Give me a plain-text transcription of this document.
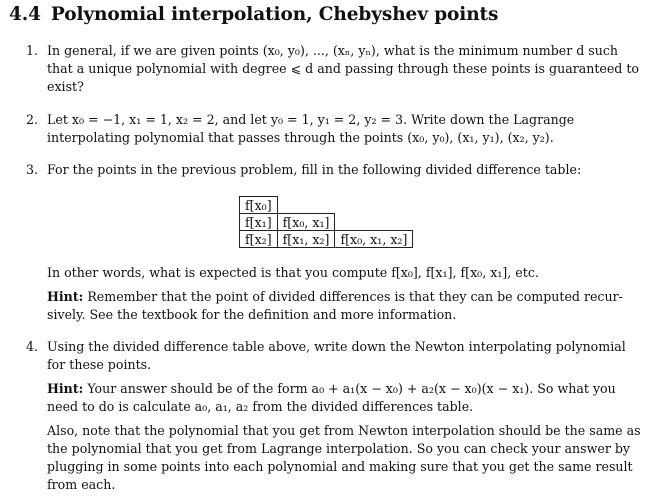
4.4 Polynomial interpolation, Chebyshev points
1. In general, if we are given points (x₀, y₀), ..., (xₙ, yₙ), what is the minimum number d such
that a unique polynomial with degree ⩽ d and passing through these points is guaranteed to
exist?
2. Let x₀ = −1, x₁ = 1, x₂ = 2, and let y₀ = 1, y₁ = 2, y₂ = 3. Write down the Lagrange
interpolating polynomial that passes through the points (x₀, y₀), (x₁, y₁), (x₂, y₂).
3. For the points in the previous problem, fill in the following divided difference table:
f[x₀]		
f[x₁]	f[x₀, x₁]	
f[x₂]	f[x₁, x₂]	f[x₀, x₁, x₂]
In other words, what is expected is that you compute f[x₀], f[x₁], f[x₀, x₁], etc.
Hint: Remember that the point of divided differences is that they can be computed recur-
sively. See the textbook for the definition and more information.
4. Using the divided difference table above, write down the Newton interpolating polynomial
for these points.
Hint: Your answer should be of the form a₀ + a₁(x − x₀) + a₂(x − x₀)(x − x₁). So what you
need to do is calculate a₀, a₁, a₂ from the divided differences table.
Also, note that the polynomial that you get from Newton interpolation should be the same as
the polynomial that you get from Lagrange interpolation. So you can check your answer by
plugging in some points into each polynomial and making sure that you get the same result
from each.
